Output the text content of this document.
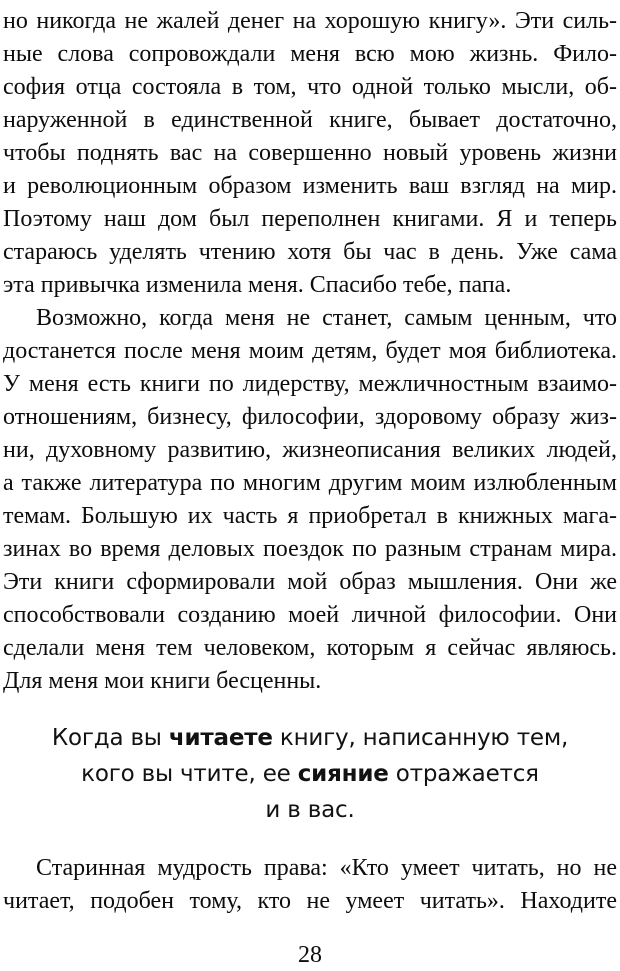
но никогда не жалей денег на хорошую книгу». Эти силь-
ные слова сопровождали меня всю мою жизнь. Фило-
софия отца состояла в том, что одной только мысли, об-
наруженной в единственной книге, бывает достаточно,
чтобы поднять вас на совершенно новый уровень жизни
и революционным образом изменить ваш взгляд на мир.
Поэтому наш дом был переполнен книгами. Я и теперь
стараюсь уделять чтению хотя бы час в день. Уже сама
эта привычка изменила меня. Спасибо тебе, папа.
Возможно, когда меня не станет, самым ценным, что
достанется после меня моим детям, будет моя библиотека.
У меня есть книги по лидерству, межличностным взаимо-
отношениям, бизнесу, философии, здоровому образу жиз-
ни, духовному развитию, жизнеописания великих людей,
а также литература по многим другим моим излюбленным
темам. Большую их часть я приобретал в книжных мага-
зинах во время деловых поездок по разным странам мира.
Эти книги сформировали мой образ мышления. Они же
способствовали созданию моей личной философии. Они
сделали меня тем человеком, которым я сейчас являюсь.
Для меня мои книги бесценны.
Когда вы читаете книгу, написанную тем,
кого вы чтите, ее сияние отражается
и в вас.
Старинная мудрость права: «Кто умеет читать, но не
читает, подобен тому, кто не умеет читать». Находите
28
